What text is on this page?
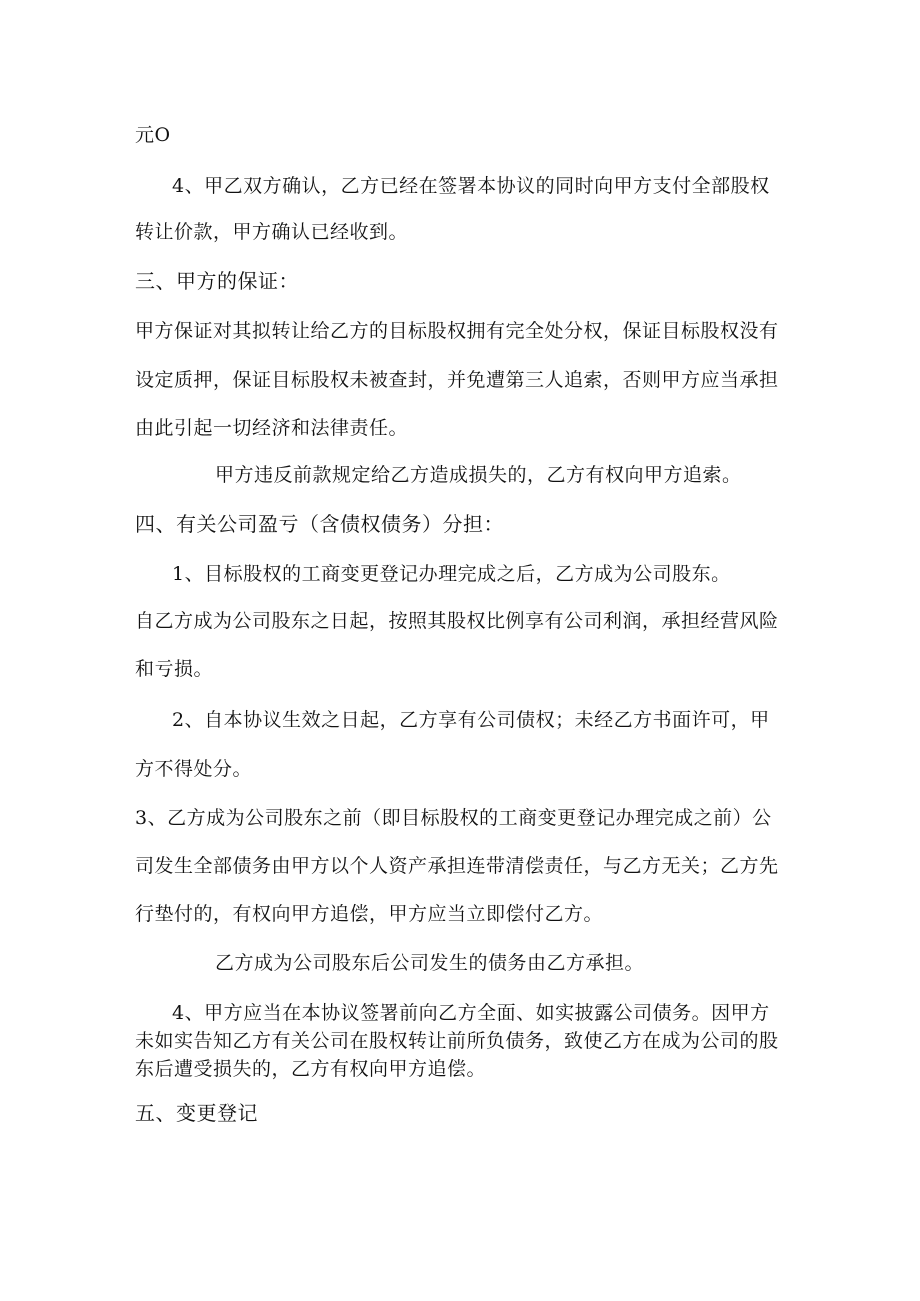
元O
4、甲乙双方确认，乙方已经在签署本协议的同时向甲方支付全部股权
转让价款，甲方确认已经收到。
三、甲方的保证：
甲方保证对其拟转让给乙方的目标股权拥有完全处分权，保证目标股权没有
设定质押，保证目标股权未被查封，并免遭第三人追索，否则甲方应当承担
由此引起一切经济和法律责任。
甲方违反前款规定给乙方造成损失的，乙方有权向甲方追索。
四、有关公司盈亏（含债权债务）分担：
1、目标股权的工商变更登记办理完成之后，乙方成为公司股东。
自乙方成为公司股东之日起，按照其股权比例享有公司利润，承担经营风险
和亏损。
2、自本协议生效之日起，乙方享有公司债权；未经乙方书面许可，甲
方不得处分。
3、乙方成为公司股东之前（即目标股权的工商变更登记办理完成之前）公
司发生全部债务由甲方以个人资产承担连带清偿责任，与乙方无关；乙方先
行垫付的，有权向甲方追偿，甲方应当立即偿付乙方。
乙方成为公司股东后公司发生的债务由乙方承担。
4、甲方应当在本协议签署前向乙方全面、如实披露公司债务。因甲方
未如实告知乙方有关公司在股权转让前所负债务，致使乙方在成为公司的股
东后遭受损失的，乙方有权向甲方追偿。
五、变更登记
